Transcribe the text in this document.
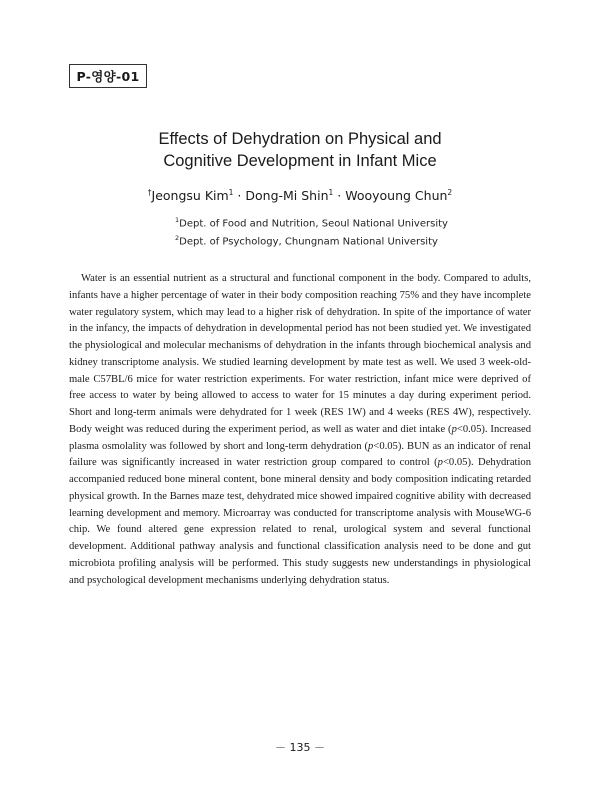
P-영양-01
Effects of Dehydration on Physical and
Cognitive Development in Infant Mice
†Jeongsu Kim$^1$ · Dong-Mi Shin$^1$ · Wooyoung Chun$^2$
$^1$Dept. of Food and Nutrition, Seoul National University
$^2$Dept. of Psychology, Chungnam National University

Water is an essential nutrient as a structural and functional component in the body. Compared to adults, infants have a higher percentage of water in their body composition reaching 75% and they have incomplete water regulatory system, which may lead to a higher risk of dehydration. In spite of the importance of water in the infancy, the impacts of dehydration in developmental period has not been studied yet. We investigated the physiological and molecular mechanisms of dehydration in the infants through biochemical analysis and kidney transcriptome analysis. We studied learning development by mate test as well. We used 3 week-old- male C57BL/6 mice for water restriction experiments. For water restriction, infant mice were deprived of free access to water by being allowed to access to water for 15 minutes a day during experiment period. Short and long-term animals were dehydrated for 1 week (RES 1W) and 4 weeks (RES 4W), respectively. Body weight was reduced during the experiment period, as well as water and diet intake (p<0.05). Increased plasma osmolality was followed by short and long-term dehydration (p<0.05). BUN as an indicator of renal failure was significantly increased in water restriction group compared to control (p<0.05). Dehydration accompanied reduced bone mineral content, bone mineral density and body composition indicating retarded physical growth. In the Barnes maze test, dehydrated mice showed impaired cognitive ability with decreased learning development and memory. Microarray was conducted for transcriptome analysis with MouseWG-6 chip. We found altered gene expression related to renal, urological system and several functional development. Additional pathway analysis and functional classification analysis need to be done and gut microbiota profiling analysis will be performed. This study suggests new understandings in physiological and psychological development mechanisms underlying dehydration status.

－ 135 －
